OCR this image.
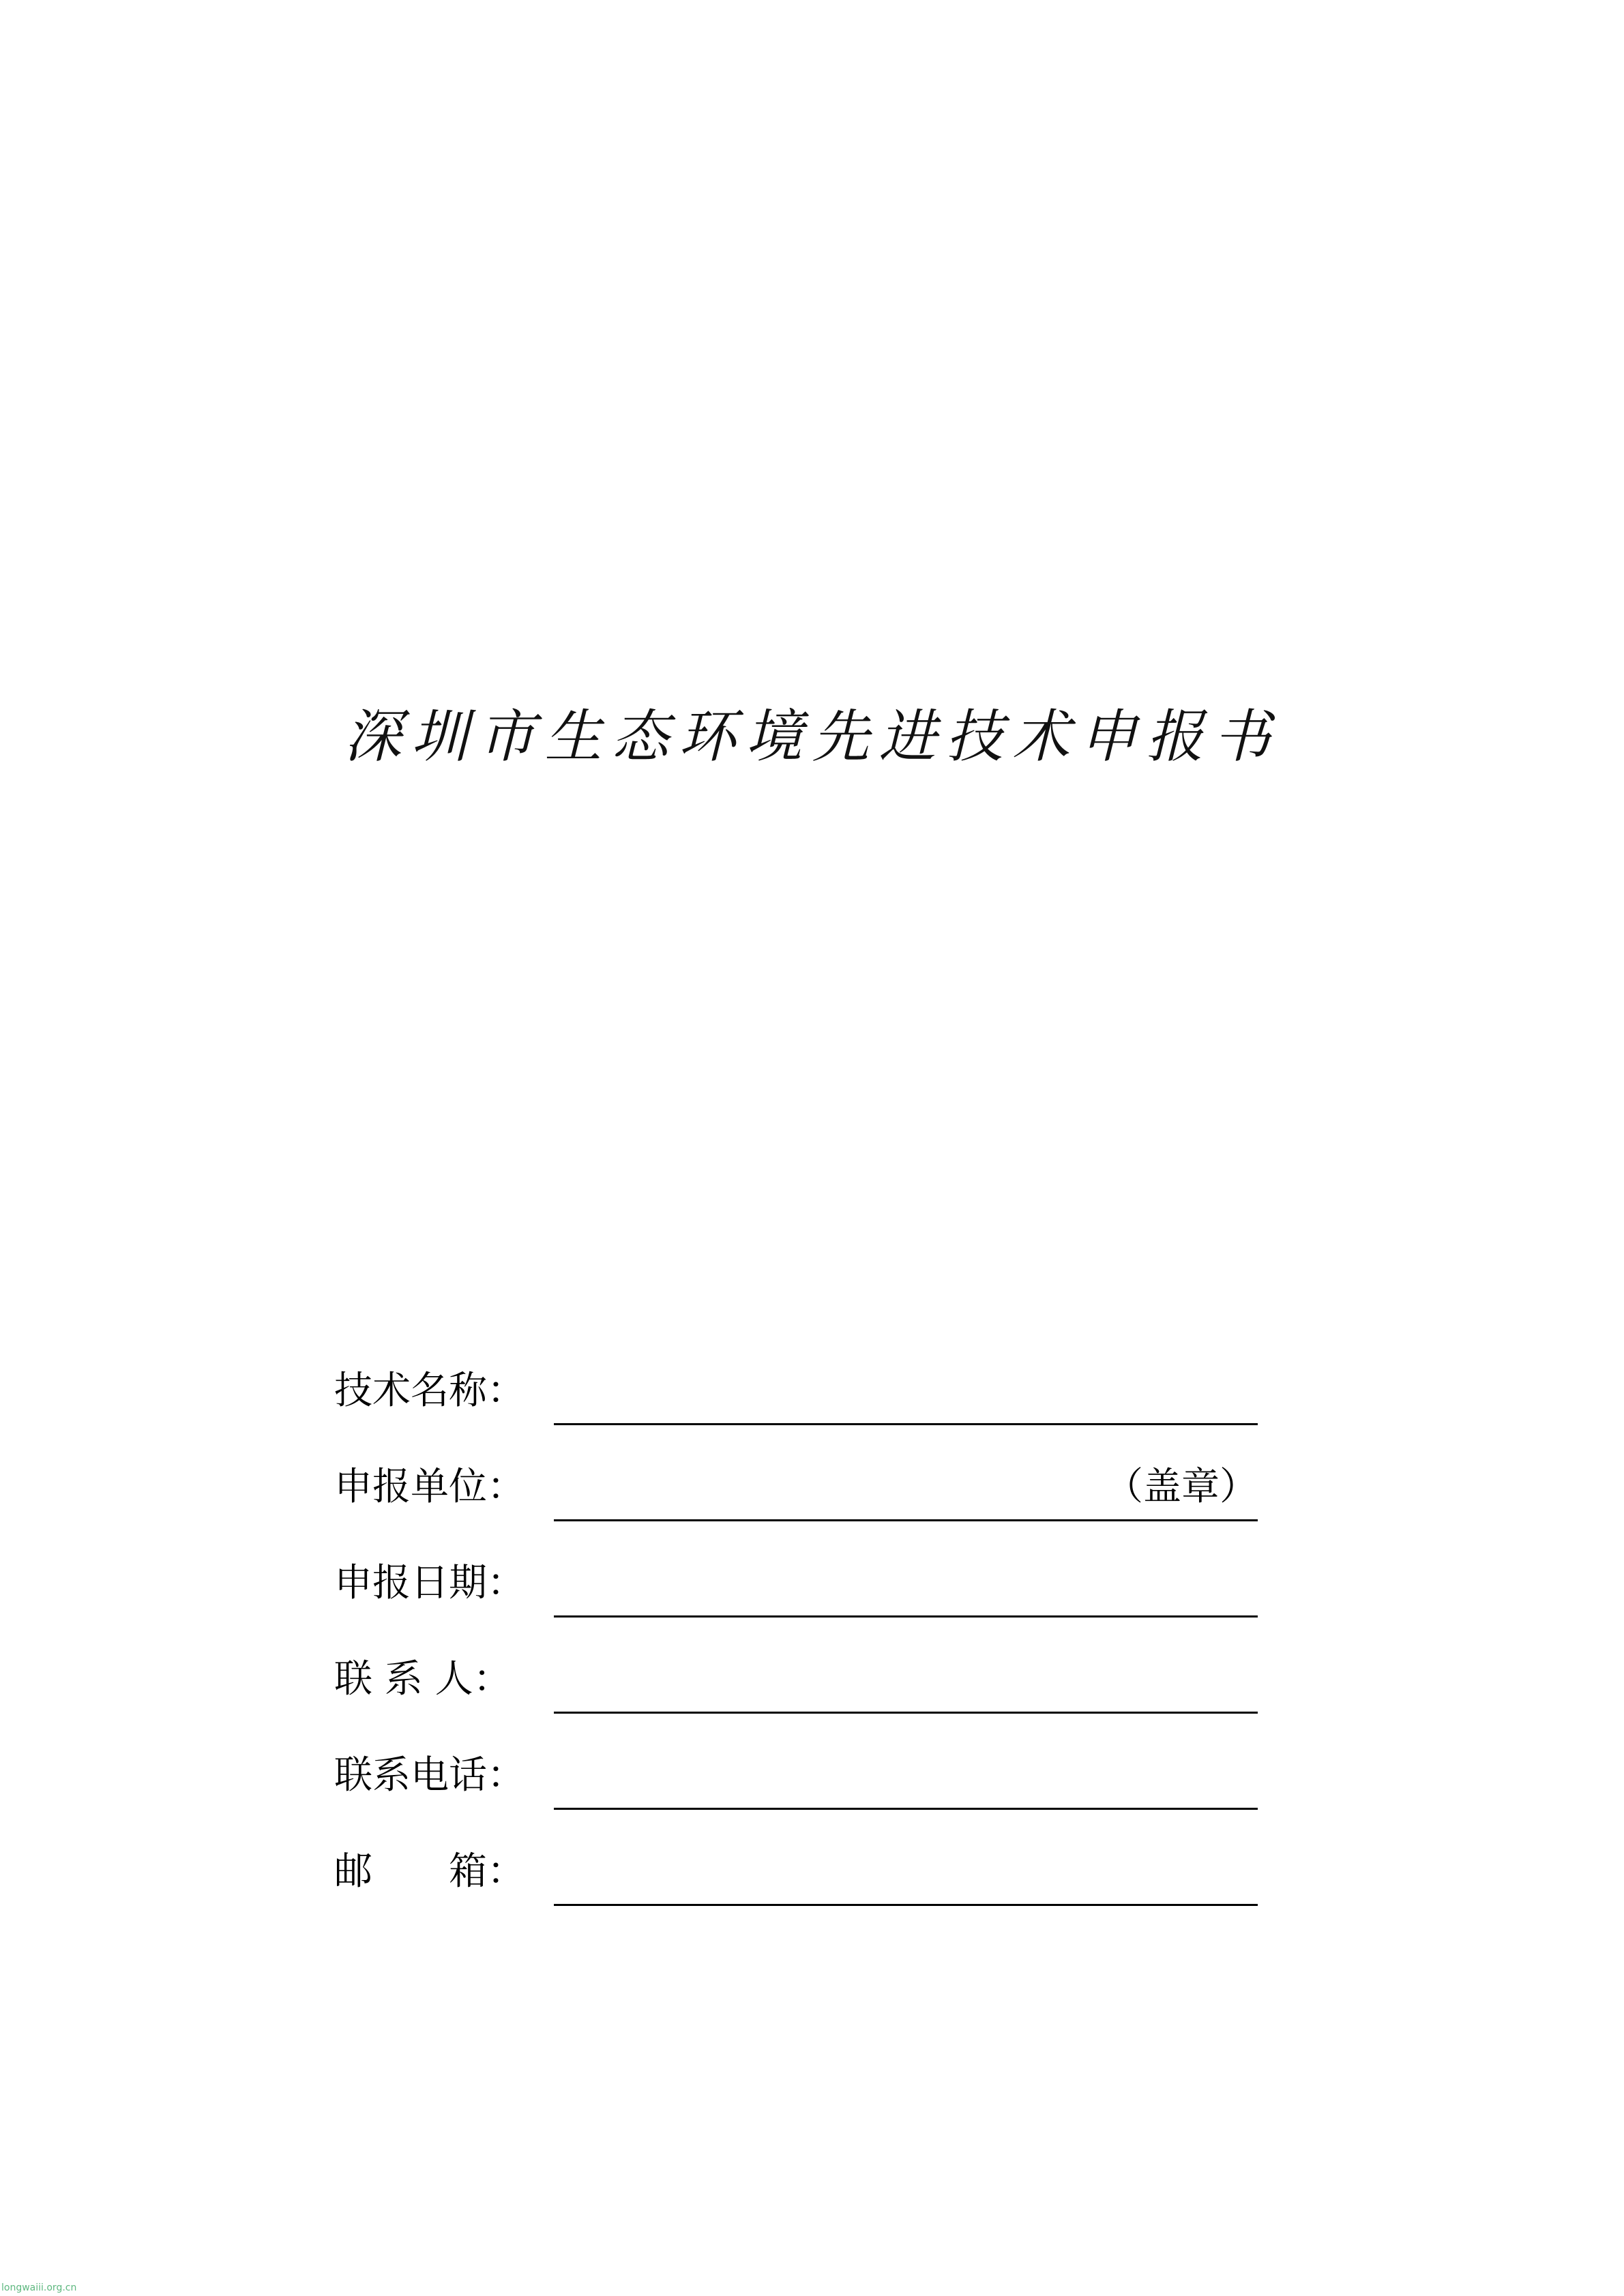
深圳市生态环境先进技术申报书
技术名称：
申报单位：	（盖章）
申报日期：
联 系 人：
联系电话：
邮　　箱：
longwaiii.org.cn
